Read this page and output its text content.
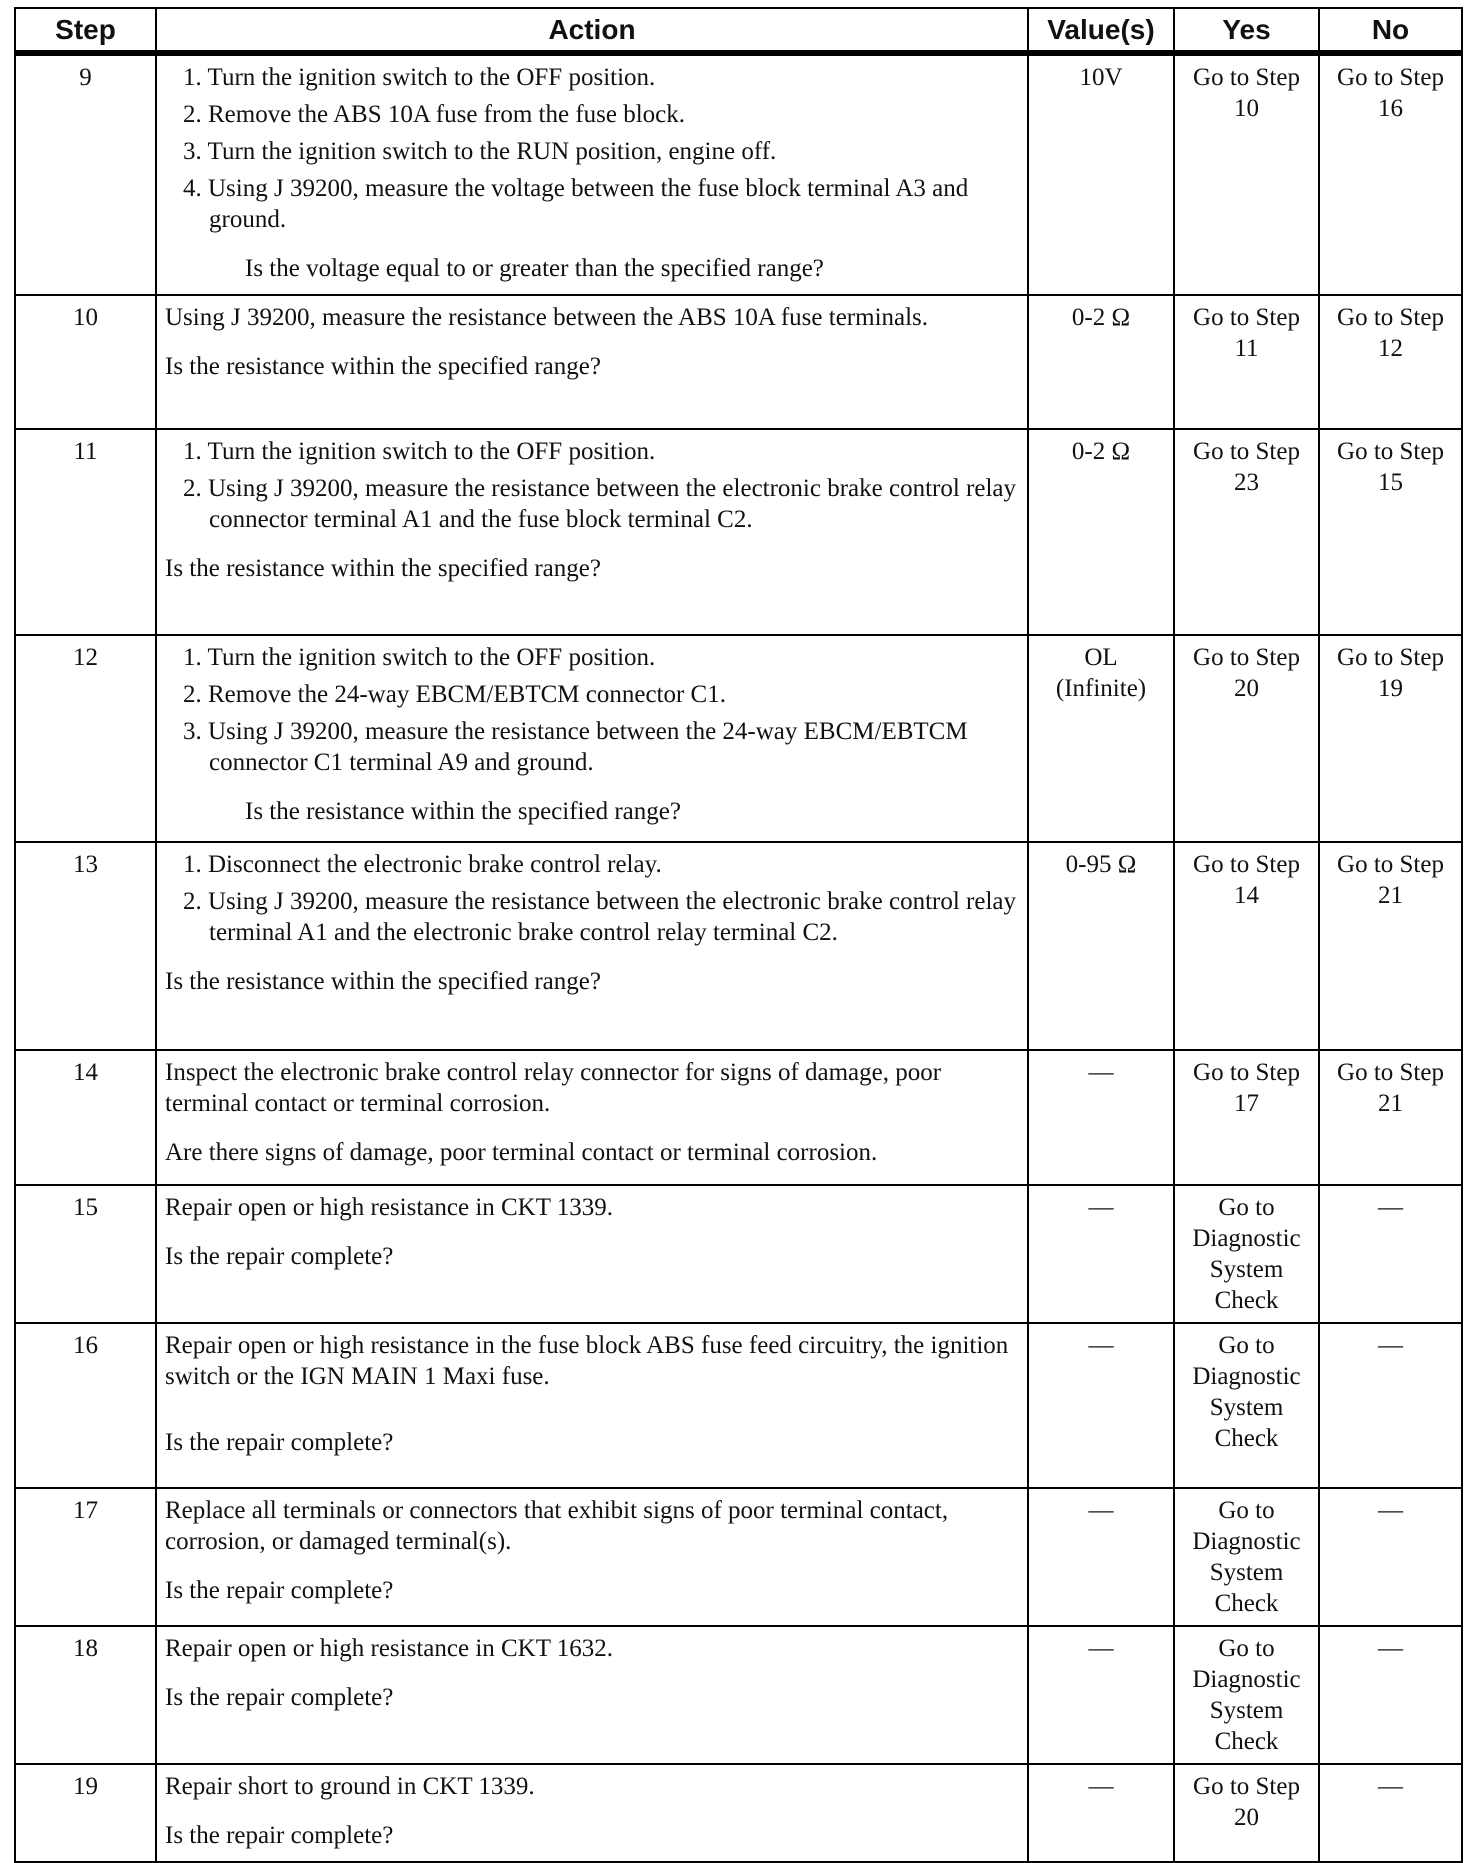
Step	Action	Value(s)	Yes	No
9	1. Turn the ignition switch to the OFF position.
2. Remove the ABS 10A fuse from the fuse block.
3. Turn the ignition switch to the RUN position, engine off.
4. Using J 39200, measure the voltage between the fuse block terminal A3 and ground.
Is the voltage equal to or greater than the specified range?	10V	Go to Step 10	Go to Step 16
10	Using J 39200, measure the resistance between the ABS 10A fuse terminals.
Is the resistance within the specified range?	0-2 Ω	Go to Step 11	Go to Step 12
11	1. Turn the ignition switch to the OFF position.
2. Using J 39200, measure the resistance between the electronic brake control relay connector terminal A1 and the fuse block terminal C2.
Is the resistance within the specified range?	0-2 Ω	Go to Step 23	Go to Step 15
12	1. Turn the ignition switch to the OFF position.
2. Remove the 24-way EBCM/EBTCM connector C1.
3. Using J 39200, measure the resistance between the 24-way EBCM/EBTCM connector C1 terminal A9 and ground.
Is the resistance within the specified range?	OL (Infinite)	Go to Step 20	Go to Step 19
13	1. Disconnect the electronic brake control relay.
2. Using J 39200, measure the resistance between the electronic brake control relay terminal A1 and the electronic brake control relay terminal C2.
Is the resistance within the specified range?	0-95 Ω	Go to Step 14	Go to Step 21
14	Inspect the electronic brake control relay connector for signs of damage, poor terminal contact or terminal corrosion.
Are there signs of damage, poor terminal contact or terminal corrosion.	—	Go to Step 17	Go to Step 21
15	Repair open or high resistance in CKT 1339.
Is the repair complete?	—	Go to Diagnostic System Check	—
16	Repair open or high resistance in the fuse block ABS fuse feed circuitry, the ignition switch or the IGN MAIN 1 Maxi fuse.
Is the repair complete?	—	Go to Diagnostic System Check	—
17	Replace all terminals or connectors that exhibit signs of poor terminal contact, corrosion, or damaged terminal(s).
Is the repair complete?	—	Go to Diagnostic System Check	—
18	Repair open or high resistance in CKT 1632.
Is the repair complete?	—	Go to Diagnostic System Check	—
19	Repair short to ground in CKT 1339.
Is the repair complete?	—	Go to Step 20	—
